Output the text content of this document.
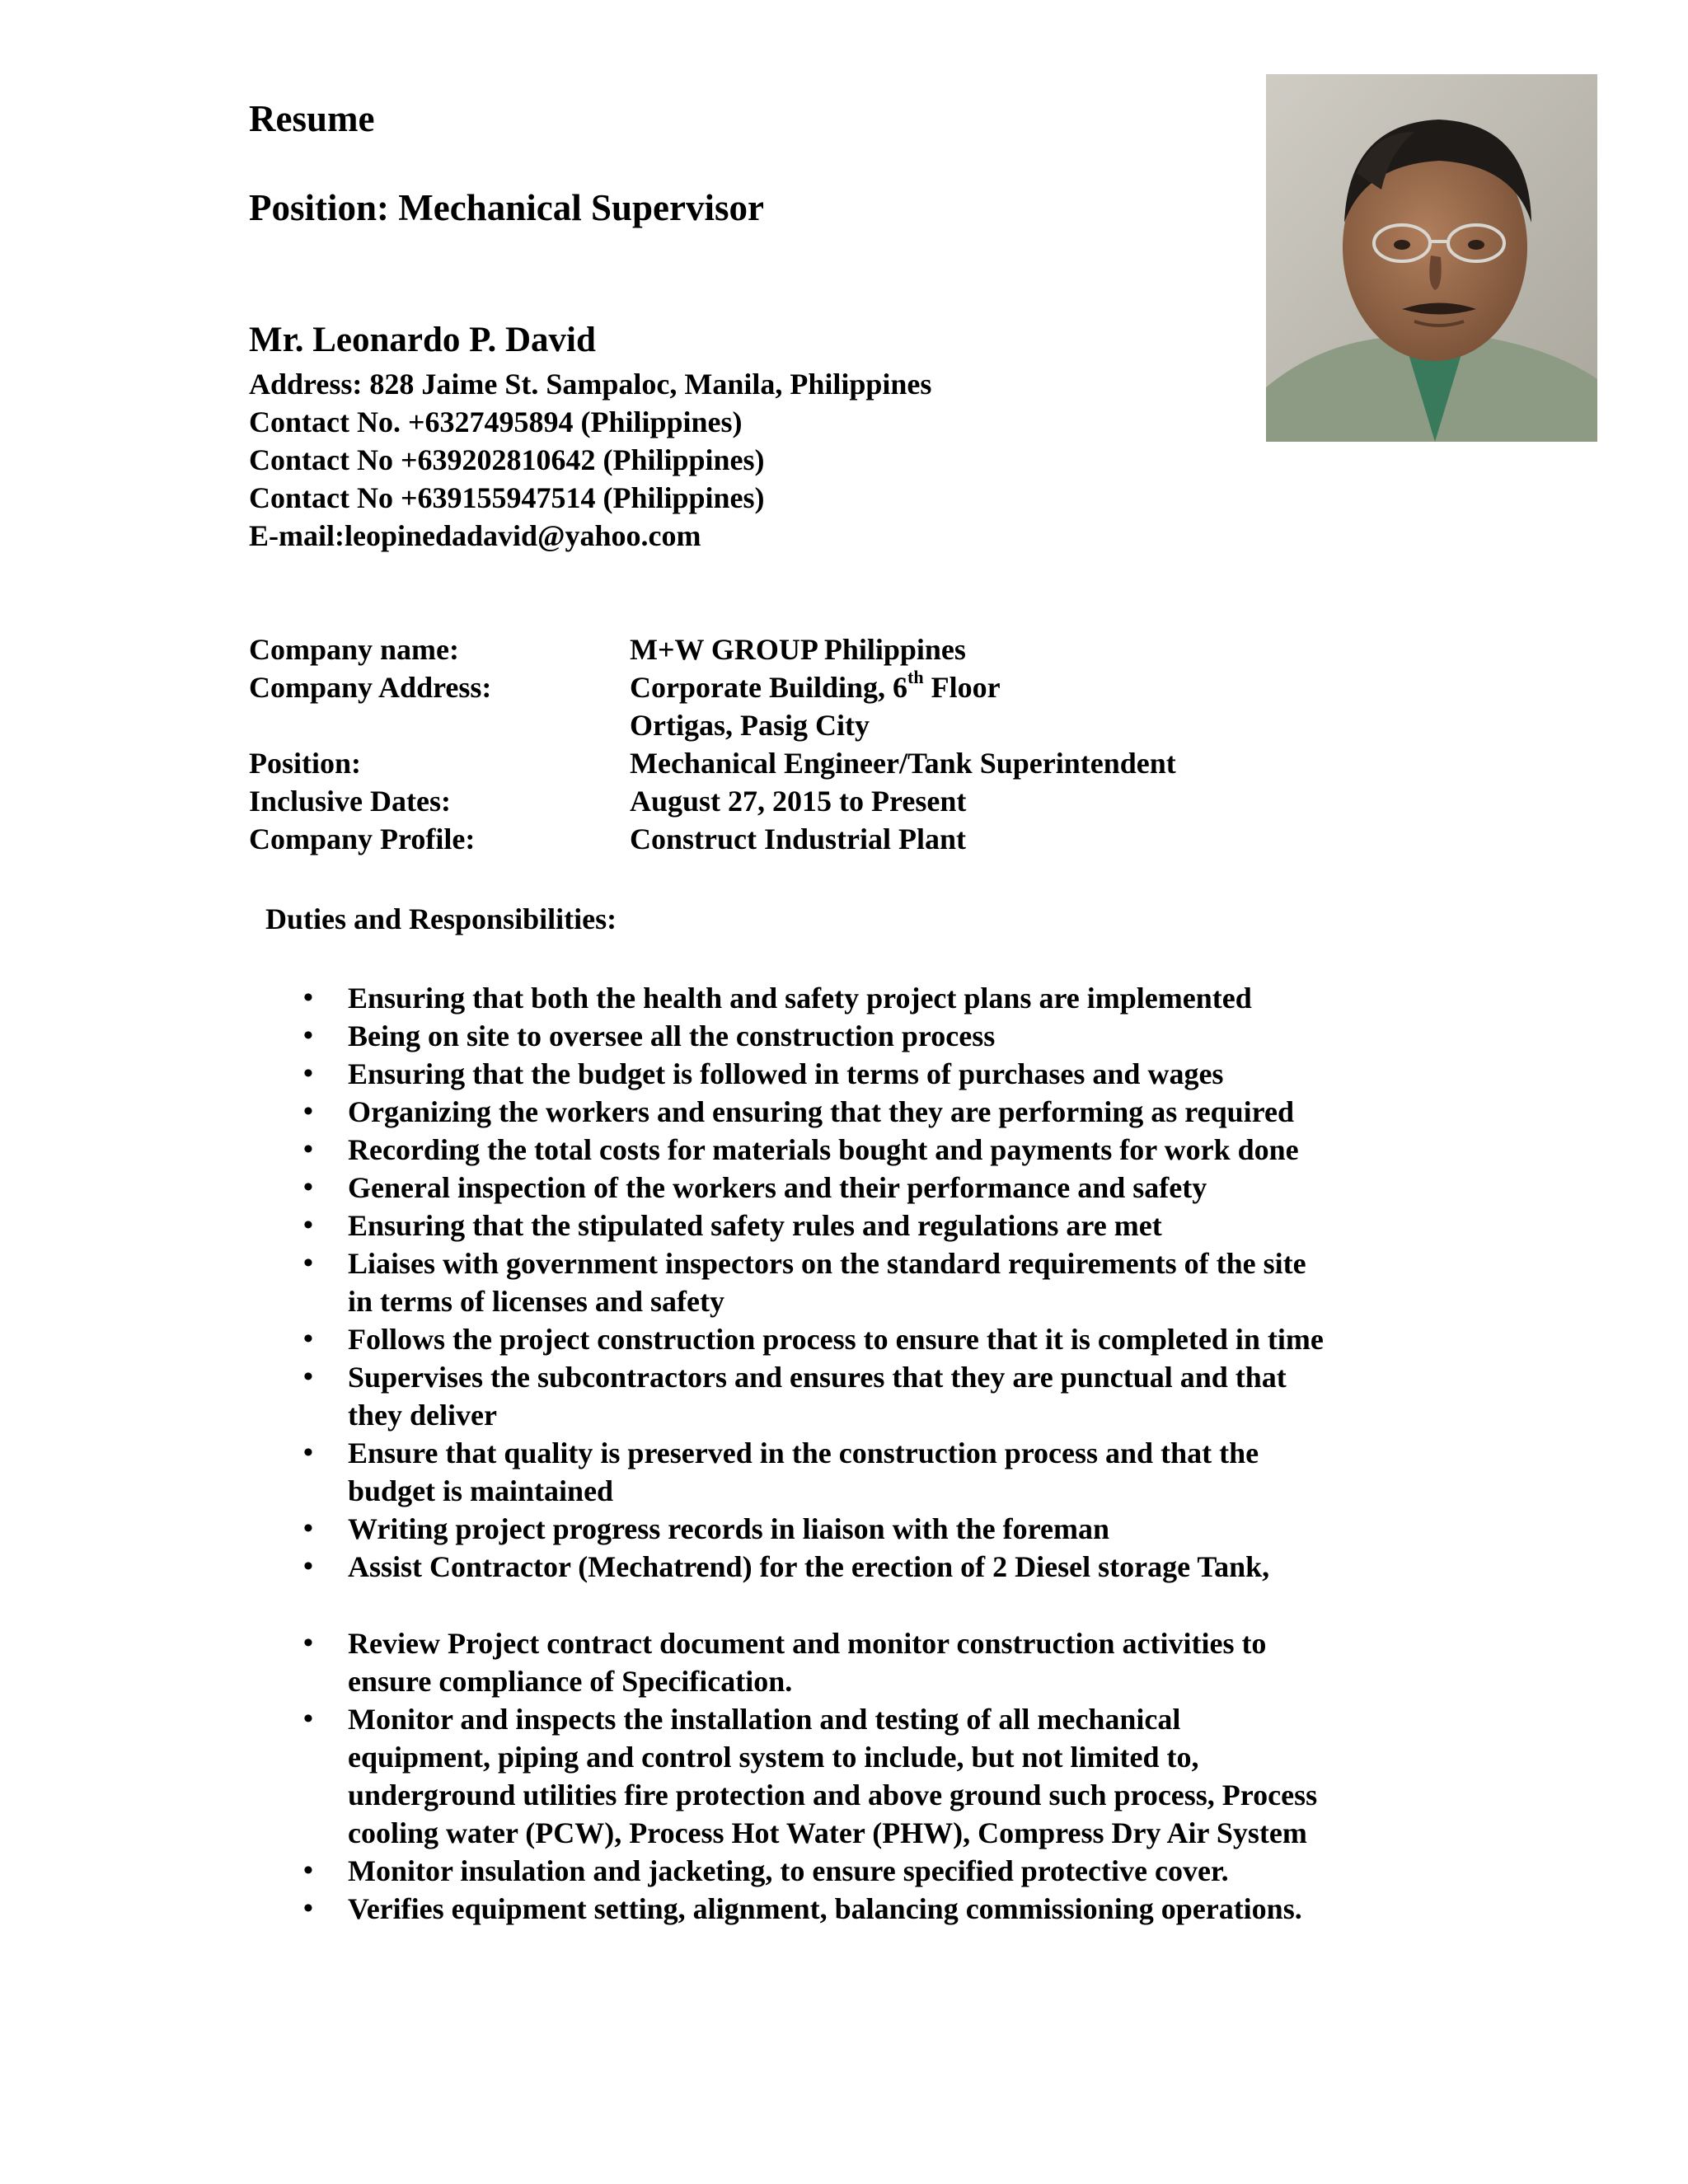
Resume
Position: Mechanical Supervisor
Mr. Leonardo P. David
Address: 828 Jaime St. Sampaloc, Manila, Philippines
Contact No. +6327495894 (Philippines)
Contact No +639202810642 (Philippines)
Contact No +639155947514 (Philippines)
E-mail:leopinedadavid@yahoo.com
Company name:	M+W GROUP Philippines
Company Address:	Corporate Building, 6th Floor
Ortigas, Pasig City
Position:	Mechanical Engineer/Tank Superintendent
Inclusive Dates:	August 27, 2015 to Present
Company Profile:	Construct Industrial Plant
Duties and Responsibilities:
• Ensuring that both the health and safety project plans are implemented
• Being on site to oversee all the construction process
• Ensuring that the budget is followed in terms of purchases and wages
• Organizing the workers and ensuring that they are performing as required
• Recording the total costs for materials bought and payments for work done
• General inspection of the workers and their performance and safety
• Ensuring that the stipulated safety rules and regulations are met
• Liaises with government inspectors on the standard requirements of the site
in terms of licenses and safety
• Follows the project construction process to ensure that it is completed in time
• Supervises the subcontractors and ensures that they are punctual and that
they deliver
• Ensure that quality is preserved in the construction process and that the
budget is maintained
• Writing project progress records in liaison with the foreman
• Assist Contractor (Mechatrend) for the erection of 2 Diesel storage Tank,
• Review Project contract document and monitor construction activities to
ensure compliance of Specification.
• Monitor and inspects the installation and testing of all mechanical
equipment, piping and control system to include, but not limited to,
underground utilities fire protection and above ground such process, Process
cooling water (PCW), Process Hot Water (PHW), Compress Dry Air System
• Monitor insulation and jacketing, to ensure specified protective cover.
• Verifies equipment setting, alignment, balancing commissioning operations.
